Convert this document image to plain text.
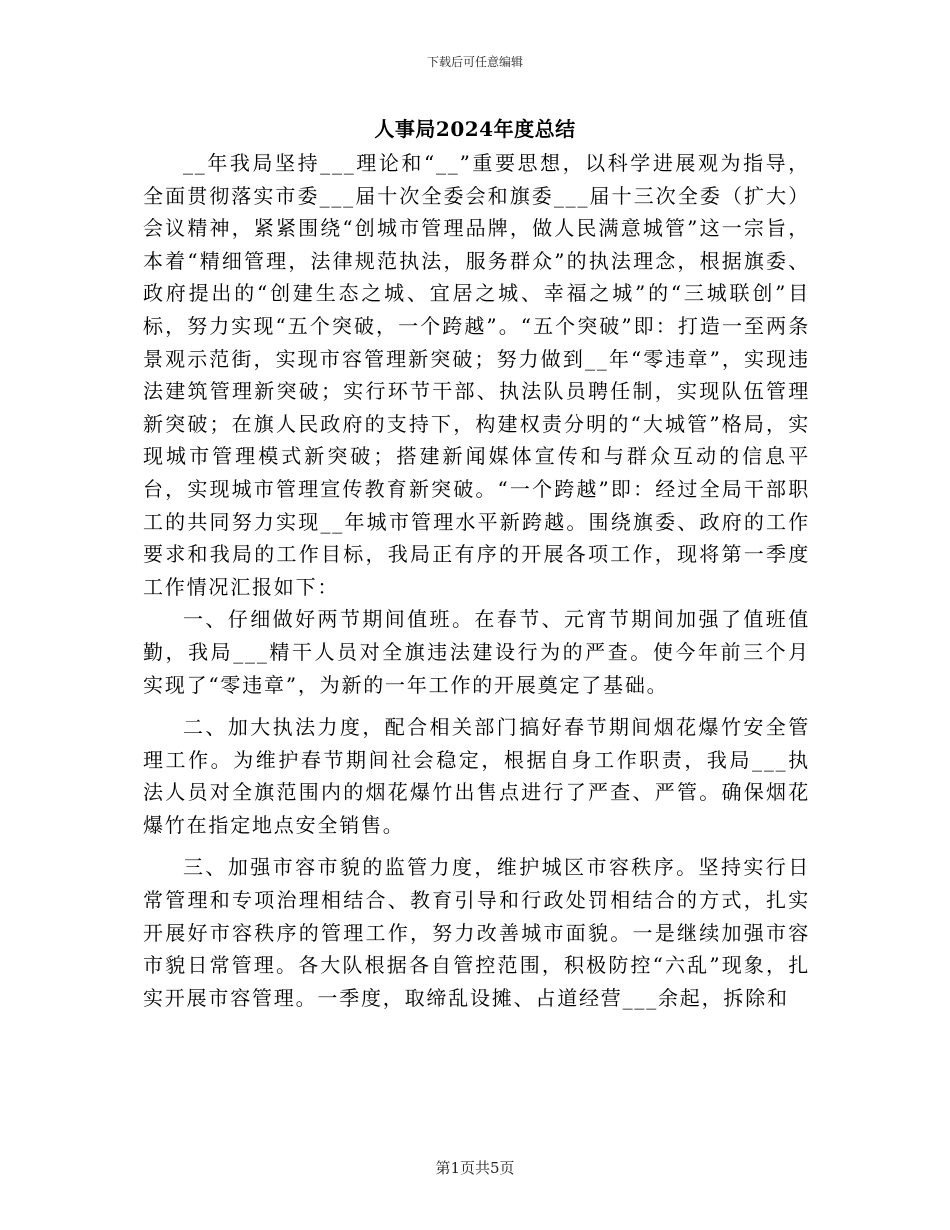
下载后可任意编辑
人事局2024年度总结

__年我局坚持___理论和“__”重要思想，以科学进展观为指导，全面贯彻落实市委___届十次全委会和旗委___届十三次全委（扩大）会议精神，紧紧围绕“创城市管理品牌，做人民满意城管”这一宗旨，本着“精细管理，法律规范执法，服务群众”的执法理念，根据旗委、政府提出的“创建生态之城、宜居之城、幸福之城”的“三城联创”目标，努力实现“五个突破，一个跨越”。“五个突破”即：打造一至两条景观示范街，实现市容管理新突破；努力做到__年“零违章”，实现违法建筑管理新突破；实行环节干部、执法队员聘任制，实现队伍管理新突破；在旗人民政府的支持下，构建权责分明的“大城管”格局，实现城市管理模式新突破；搭建新闻媒体宣传和与群众互动的信息平台，实现城市管理宣传教育新突破。“一个跨越”即：经过全局干部职工的共同努力实现__年城市管理水平新跨越。围绕旗委、政府的工作要求和我局的工作目标，我局正有序的开展各项工作，现将第一季度工作情况汇报如下：

一、仔细做好两节期间值班。在春节、元宵节期间加强了值班值勤，我局___精干人员对全旗违法建设行为的严查。使今年前三个月实现了“零违章”，为新的一年工作的开展奠定了基础。

二、加大执法力度，配合相关部门搞好春节期间烟花爆竹安全管理工作。为维护春节期间社会稳定，根据自身工作职责，我局___执法人员对全旗范围内的烟花爆竹出售点进行了严查、严管。确保烟花爆竹在指定地点安全销售。

三、加强市容市貌的监管力度，维护城区市容秩序。坚持实行日常管理和专项治理相结合、教育引导和行政处罚相结合的方式，扎实开展好市容秩序的管理工作，努力改善城市面貌。一是继续加强市容市貌日常管理。各大队根据各自管控范围，积极防控“六乱”现象，扎实开展市容管理。一季度，取缔乱设摊、占道经营___余起，拆除和

第1页共5页
